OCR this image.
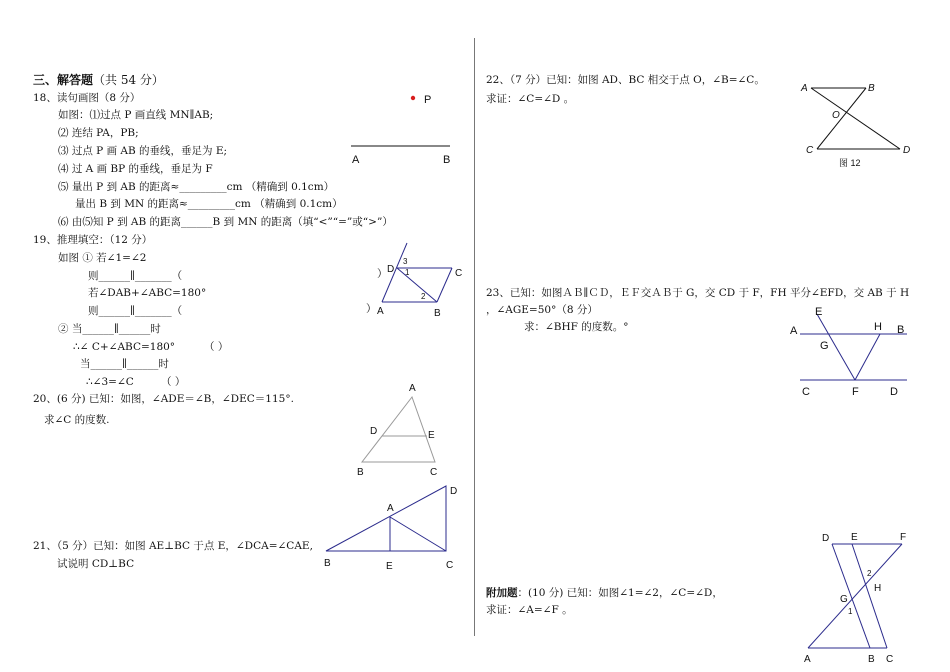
三、解答题（共 54 分）
18、读句画图（8 分）
如图：⑴过点 P 画直线 MN∥AB;
⑵ 连结 PA，PB;
⑶ 过点 P 画 AB 的垂线，垂足为 E;
⑷ 过 A 画 BP 的垂线，垂足为 F
⑸ 量出 P 到 AB 的距离≈_________cm （精确到 0.1cm）
量出 B 到 MN 的距离≈_________cm （精确到 0.1cm）
⑹ 由⑸知 P 到 AB 的距离______B 到 MN 的距离（填“<”“=”或“>”）
19、推理填空：（12 分）
如图 ① 若∠1=∠2
则______∥_______（	）
若∠DAB+∠ABC=180°
则______∥_______（	）
② 当______∥______时
∴∠ C+∠ABC=180°	（ ）
当______∥______时
∴∠3=∠C	（ ）
20、(6 分) 已知：如图，∠ADE＝∠B，∠DEC＝115°.
求∠C 的度数.
21、（5 分）已知：如图 AE⊥BC 于点 E，∠DCA=∠CAE,
试说明 CD⊥BC
22、（7 分）已知：如图 AD、BC 相交于点 O，∠B=∠C。
求证：∠C=∠D 。
23、已知：如图ＡＢ∥ＣＤ，ＥＦ交ＡＢ于 G，交 CD 于 F，FH 平分∠EFD，交 AB 于 H
，∠AGE=50°（8 分）
求：∠BHF 的度数。°
附加题：(10 分) 已知：如图∠1=∠2，∠C=∠D，
求证：∠A=∠F 。
P
A	B
D	C
A	B
1
2
3
A
D	E
B	C
A
D
B	E	C
A	B
O
C	D
图 12
E
A
G
H B
C	F	D
D E	F
2
H
G
1
A	B C
